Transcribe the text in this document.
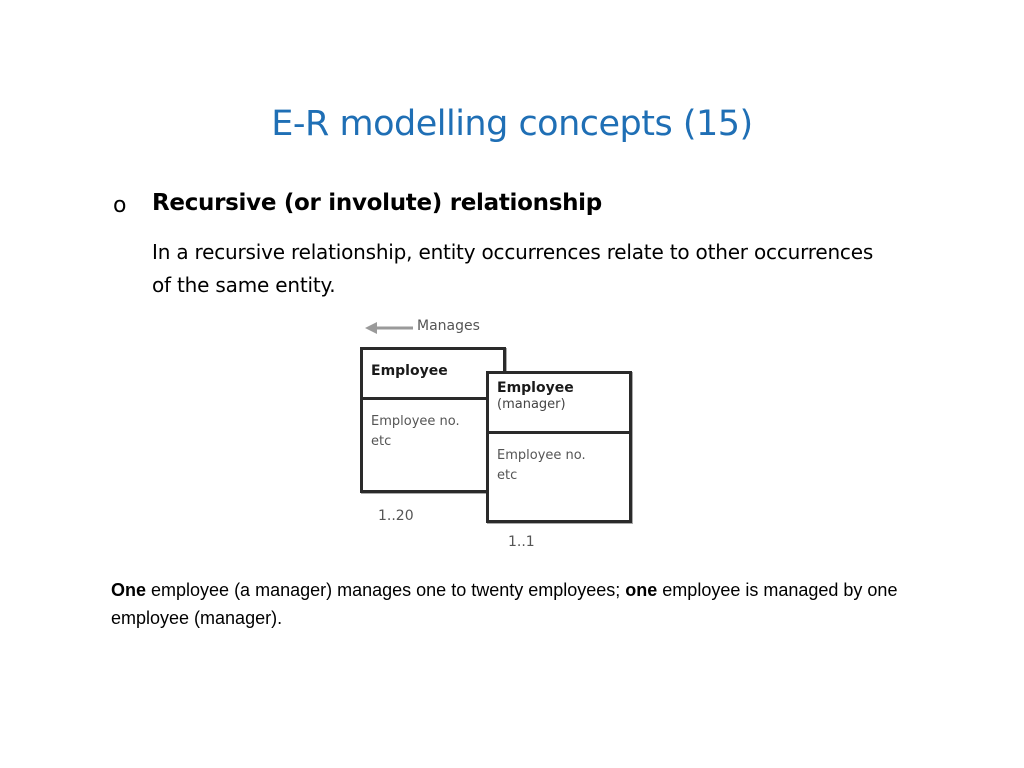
E-R modelling concepts (15)
o Recursive (or involute) relationship
In a recursive relationship, entity occurrences relate to other occurrences of the same entity.
Manages
Employee
Employee no.
etc
Employee
(manager)
Employee no.
etc
1..20
1..1
One employee (a manager) manages one to twenty employees; one employee is managed by one employee (manager).
